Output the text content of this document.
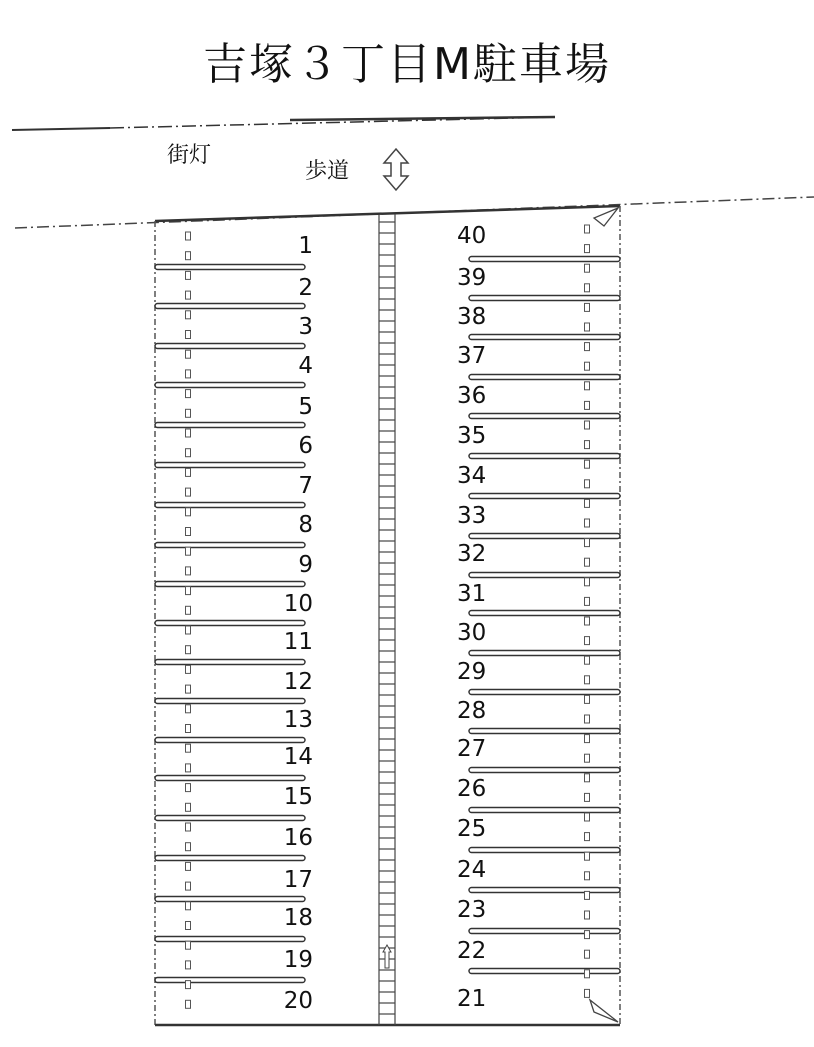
吉塚３丁目M駐車場
街灯
歩道
1
2
3
4
5
6
7
8
9
10
11
12
13
14
15
16
17
18
19
20
40
39
38
37
36
35
34
33
32
31
30
29
28
27
26
25
24
23
22
21
